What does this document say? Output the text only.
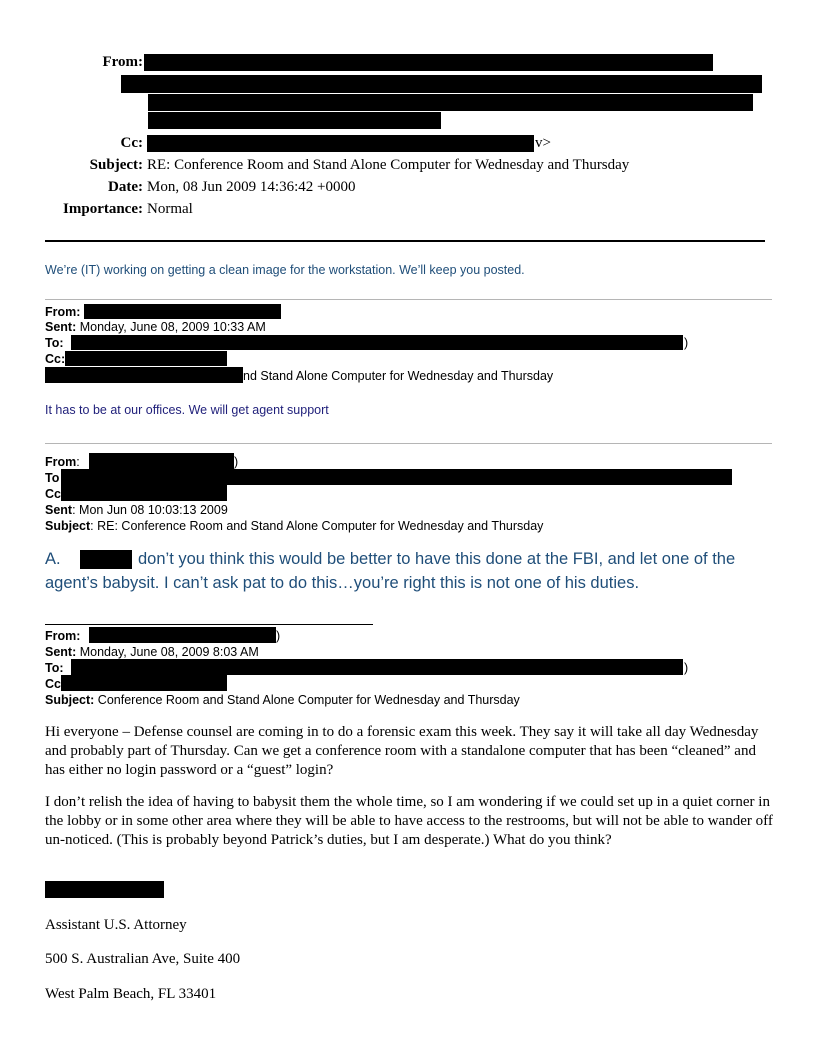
From:
Cc:	v>
Subject: RE: Conference Room and Stand Alone Computer for Wednesday and Thursday
Date: Mon, 08 Jun 2009 14:36:42 +0000
Importance: Normal
We’re (IT) working on getting a clean image for the workstation. We’ll keep you posted.
From:
Sent: Monday, June 08, 2009 10:33 AM
To:	)
Cc:
nd Stand Alone Computer for Wednesday and Thursday
It has to be at our offices. We will get agent support
From:	)
To
Cc
Sent: Mon Jun 08 10:03:13 2009
Subject: RE: Conference Room and Stand Alone Computer for Wednesday and Thursday
A.	don’t you think this would be better to have this done at the FBI, and let one of the
agent’s babysit. I can’t ask pat to do this…you’re right this is not one of his duties.
From:	)
Sent: Monday, June 08, 2009 8:03 AM
To:	)
Cc
Subject: Conference Room and Stand Alone Computer for Wednesday and Thursday
Hi everyone – Defense counsel are coming in to do a forensic exam this week. They say it will take all day Wednesday and probably part of Thursday. Can we get a conference room with a standalone computer that has been “cleaned” and has either no login password or a “guest” login?
I don’t relish the idea of having to babysit them the whole time, so I am wondering if we could set up in a quiet corner in the lobby or in some other area where they will be able to have access to the restrooms, but will not be able to wander off un-noticed. (This is probably beyond Patrick’s duties, but I am desperate.) What do you think?
Assistant U.S. Attorney
500 S. Australian Ave, Suite 400
West Palm Beach, FL 33401
